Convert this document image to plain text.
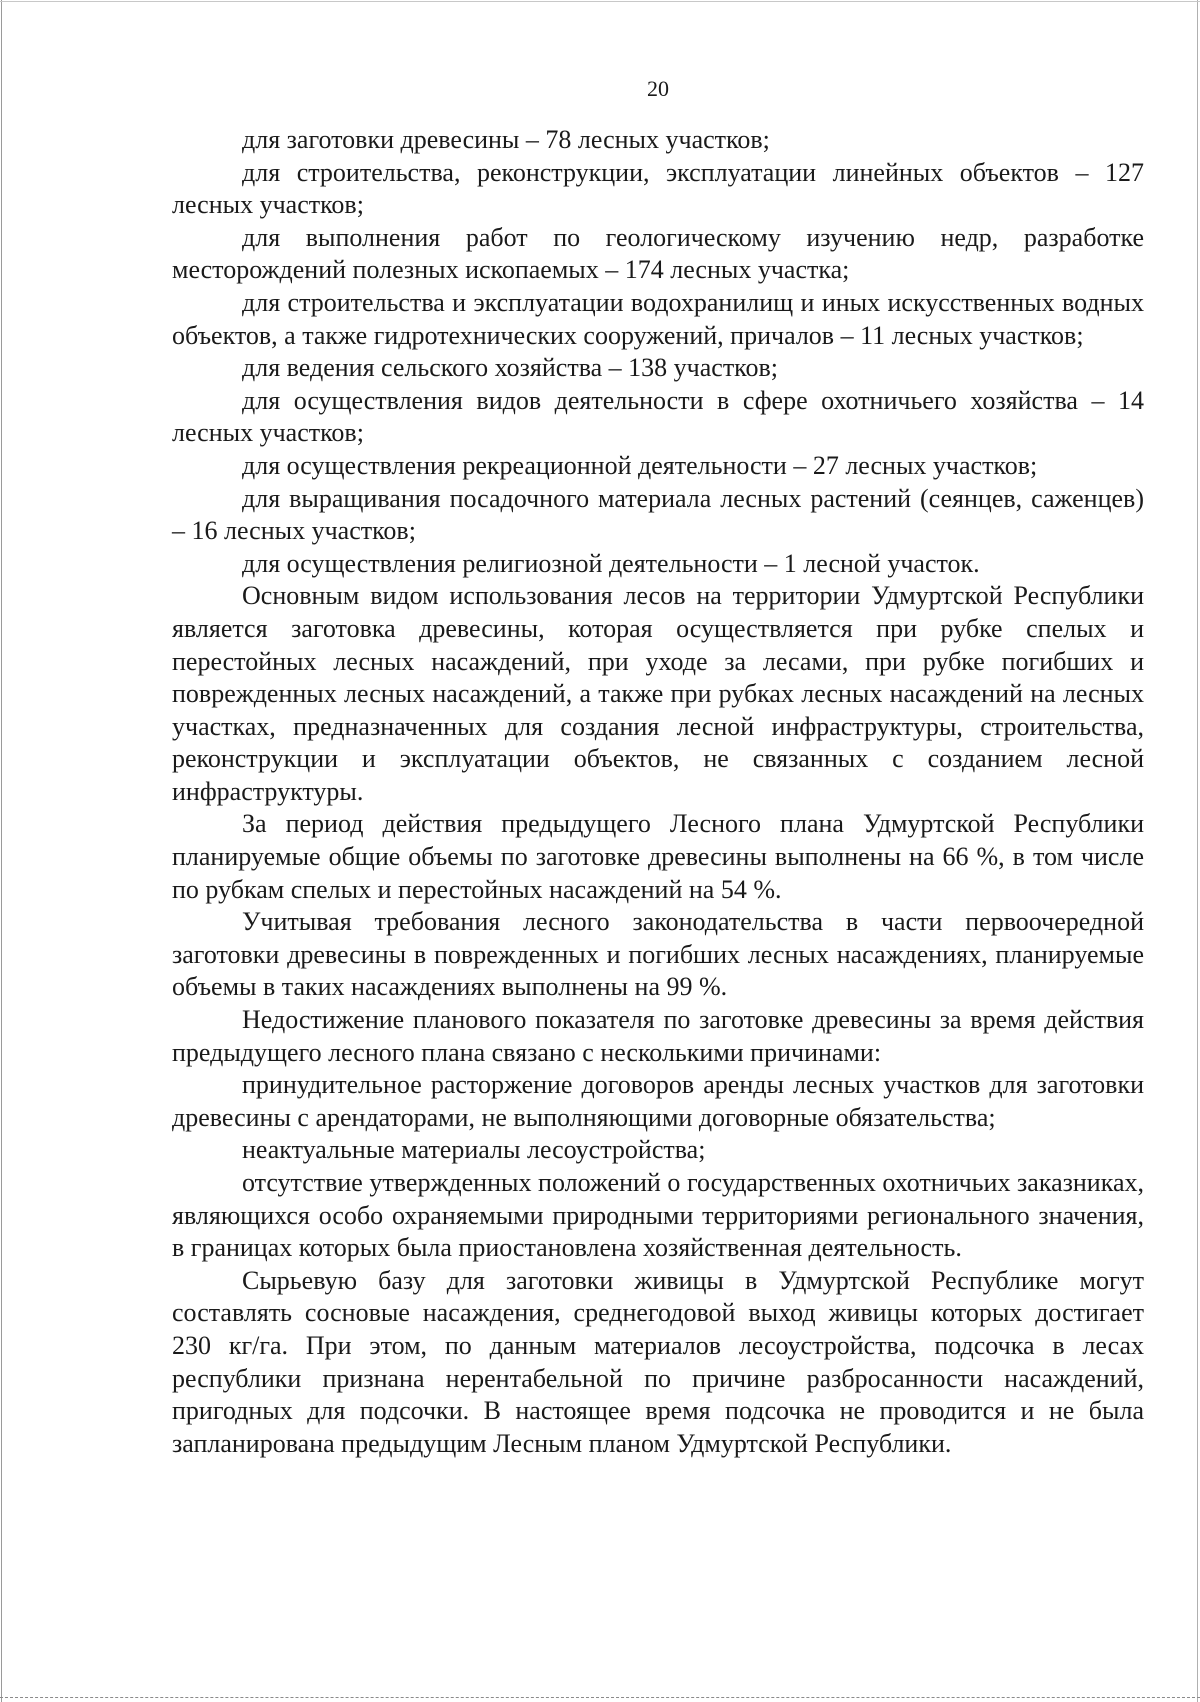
20

для заготовки древесины – 78 лесных участков;

для строительства, реконструкции, эксплуатации линейных объектов – 127 лесных участков;

для выполнения работ по геологическому изучению недр, разработке месторождений полезных ископаемых – 174 лесных участка;

для строительства и эксплуатации водохранилищ и иных искусственных водных объектов, а также гидротехнических сооружений, причалов – 11 лесных участков;

для ведения сельского хозяйства – 138 участков;

для осуществления видов деятельности в сфере охотничьего хозяйства – 14 лесных участков;

для осуществления рекреационной деятельности – 27 лесных участков;

для выращивания посадочного материала лесных растений (сеянцев, саженцев) – 16 лесных участков;

для осуществления религиозной деятельности – 1 лесной участок.

Основным видом использования лесов на территории Удмуртской Республики является заготовка древесины, которая осуществляется при рубке спелых и перестойных лесных насаждений, при уходе за лесами, при рубке погибших и поврежденных лесных насаждений, а также при рубках лесных насаждений на лесных участках, предназначенных для создания лесной инфраструктуры, строительства, реконструкции и эксплуатации объектов, не связанных с созданием лесной инфраструктуры.

За период действия предыдущего Лесного плана Удмуртской Республики планируемые общие объемы по заготовке древесины выполнены на 66 %, в том числе по рубкам спелых и перестойных насаждений на 54 %.

Учитывая требования лесного законодательства в части первоочередной заготовки древесины в поврежденных и погибших лесных насаждениях, планируемые объемы в таких насаждениях выполнены на 99 %.

Недостижение планового показателя по заготовке древесины за время действия предыдущего лесного плана связано с несколькими причинами:

принудительное расторжение договоров аренды лесных участков для заготовки древесины с арендаторами, не выполняющими договорные обязательства;

неактуальные материалы лесоустройства;

отсутствие утвержденных положений о государственных охотничьих заказниках, являющихся особо охраняемыми природными территориями регионального значения, в границах которых была приостановлена хозяйственная деятельность.

Сырьевую базу для заготовки живицы в Удмуртской Республике могут составлять сосновые насаждения, среднегодовой выход живицы которых достигает 230 кг/га. При этом, по данным материалов лесоустройства, подсочка в лесах республики признана нерентабельной по причине разбросанности насаждений, пригодных для подсочки. В настоящее время подсочка не проводится и не была запланирована предыдущим Лесным планом Удмуртской Республики.
